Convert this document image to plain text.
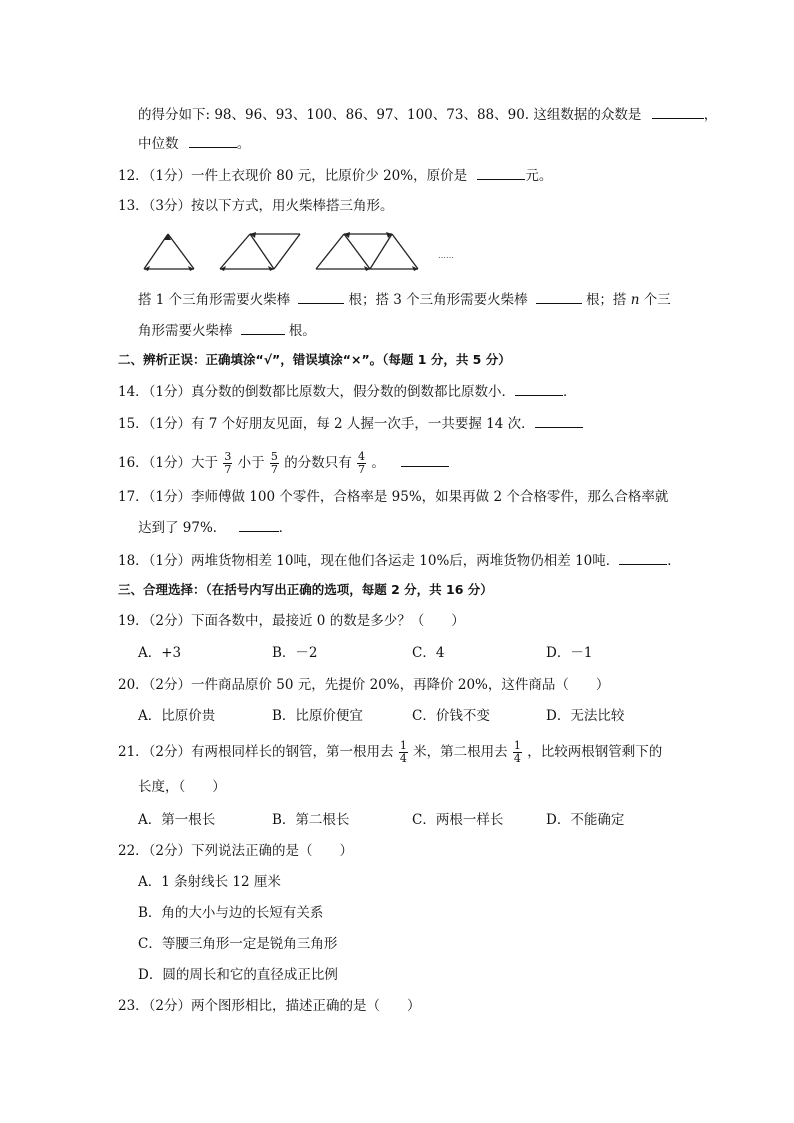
的得分如下: 98、96、93、100、86、97、100、73、88、90. 这组数据的众数是	，
中位数	。
12．（1分）一件上衣现价 80 元，比原价少 20%，原价是	元。
13．（3分）按以下方式，用火柴棒搭三角形。
……
搭 1 个三角形需要火柴棒	根；搭 3 个三角形需要火柴棒	根；搭 n 个三
角形需要火柴棒	根。
二、辨析正误：正确填涂“√”，错误填涂“×”。（每题 1 分，共 5 分）
14．（1分）真分数的倒数都比原数大，假分数的倒数都比原数小．	．
15．（1分）有 7 个好朋友见面，每 2 人握一次手，一共要握 14 次．
16．（1分）大于 $\frac{3}{7}$ 小于 $\frac{5}{7}$ 的分数只有 $\frac{4}{7}$ 。
17．（1分）李师傅做 100 个零件，合格率是 95%，如果再做 2 个合格零件，那么合格率就
达到了 97%．	．
18．（1分）两堆货物相差 10吨，现在他们各运走 10%后，两堆货物仍相差 10吨．	．
三、合理选择：（在括号内写出正确的选项，每题 2 分，共 16 分）
19．（2分）下面各数中，最接近 0 的数是多少？（　　）
A．+3	B．－2	C．4	D．－1
20．（2分）一件商品原价 50 元，先提价 20%，再降价 20%，这件商品（　　）
A．比原价贵	B．比原价便宜	C．价钱不变	D．无法比较
21．（2分）有两根同样长的钢管，第一根用去 $\frac{1}{4}$ 米，第二根用去 $\frac{1}{4}$ ，比较两根钢管剩下的
长度，（　　）
A．第一根长	B．第二根长	C．两根一样长	D．不能确定
22．（2分）下列说法正确的是（　　）
A．1 条射线长 12 厘米
B．角的大小与边的长短有关系
C．等腰三角形一定是锐角三角形
D．圆的周长和它的直径成正比例
23．（2分）两个图形相比，描述正确的是（　　）
